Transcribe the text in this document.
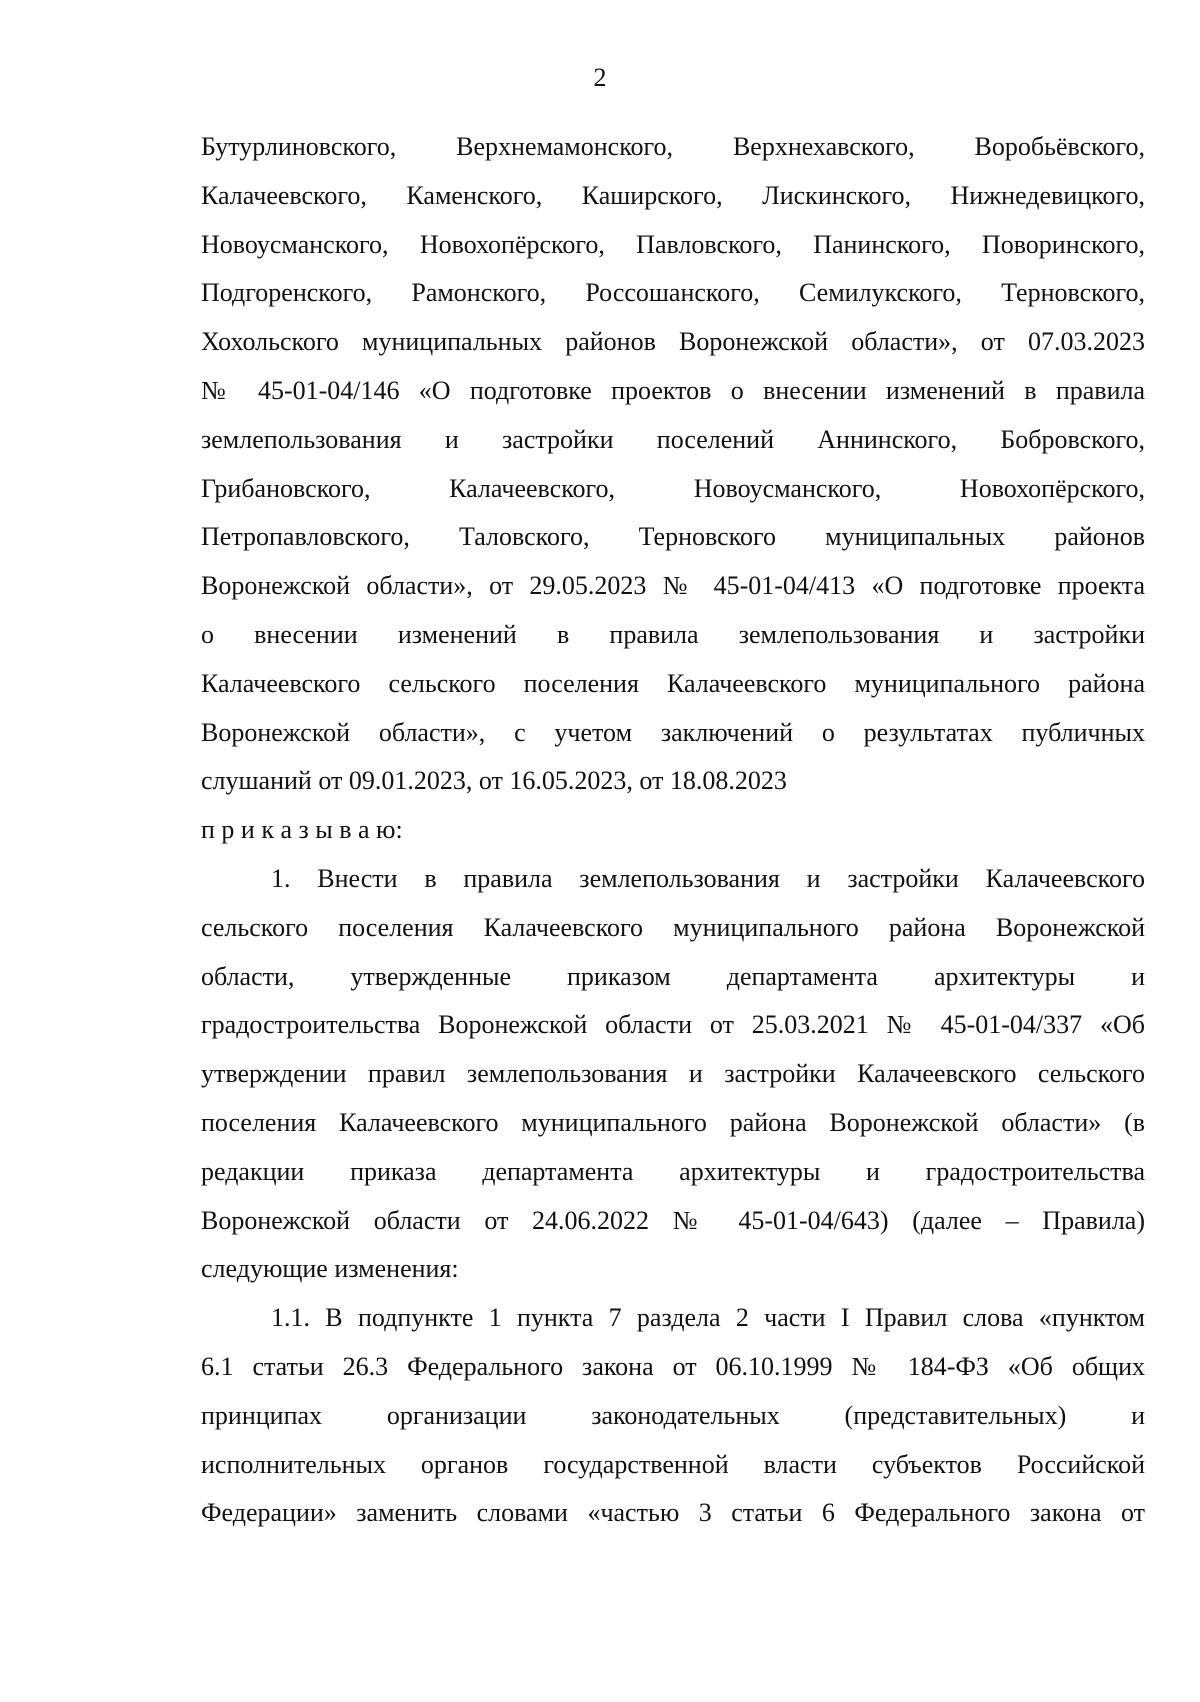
2
Бутурлиновского, Верхнемамонского, Верхнехавского, Воробьёвского,
Калачеевского, Каменского, Каширского, Лискинского, Нижнедевицкого,
Новоусманского, Новохопёрского, Павловского, Панинского, Поворинского,
Подгоренского, Рамонского, Россошанского, Семилукского, Терновского,
Хохольского муниципальных районов Воронежской области», от 07.03.2023
№ 45-01-04/146 «О подготовке проектов о внесении изменений в правила
землепользования и застройки поселений Аннинского, Бобровского,
Грибановского, Калачеевского, Новоусманского, Новохопёрского,
Петропавловского, Таловского, Терновского муниципальных районов
Воронежской области», от 29.05.2023 № 45-01-04/413 «О подготовке проекта
о внесении изменений в правила землепользования и застройки
Калачеевского сельского поселения Калачеевского муниципального района
Воронежской области», с учетом заключений о результатах публичных
слушаний от 09.01.2023, от 16.05.2023, от 18.08.2023
п р и к а з ы в а ю:
1. Внести в правила землепользования и застройки Калачеевского
сельского поселения Калачеевского муниципального района Воронежской
области, утвержденные приказом департамента архитектуры и
градостроительства Воронежской области от 25.03.2021 № 45-01-04/337 «Об
утверждении правил землепользования и застройки Калачеевского сельского
поселения Калачеевского муниципального района Воронежской области» (в
редакции приказа департамента архитектуры и градостроительства
Воронежской области от 24.06.2022 № 45-01-04/643) (далее – Правила)
следующие изменения:
1.1. В подпункте 1 пункта 7 раздела 2 части I Правил слова «пунктом
6.1 статьи 26.3 Федерального закона от 06.10.1999 № 184-ФЗ «Об общих
принципах организации законодательных (представительных) и
исполнительных органов государственной власти субъектов Российской
Федерации» заменить словами «частью 3 статьи 6 Федерального закона от
